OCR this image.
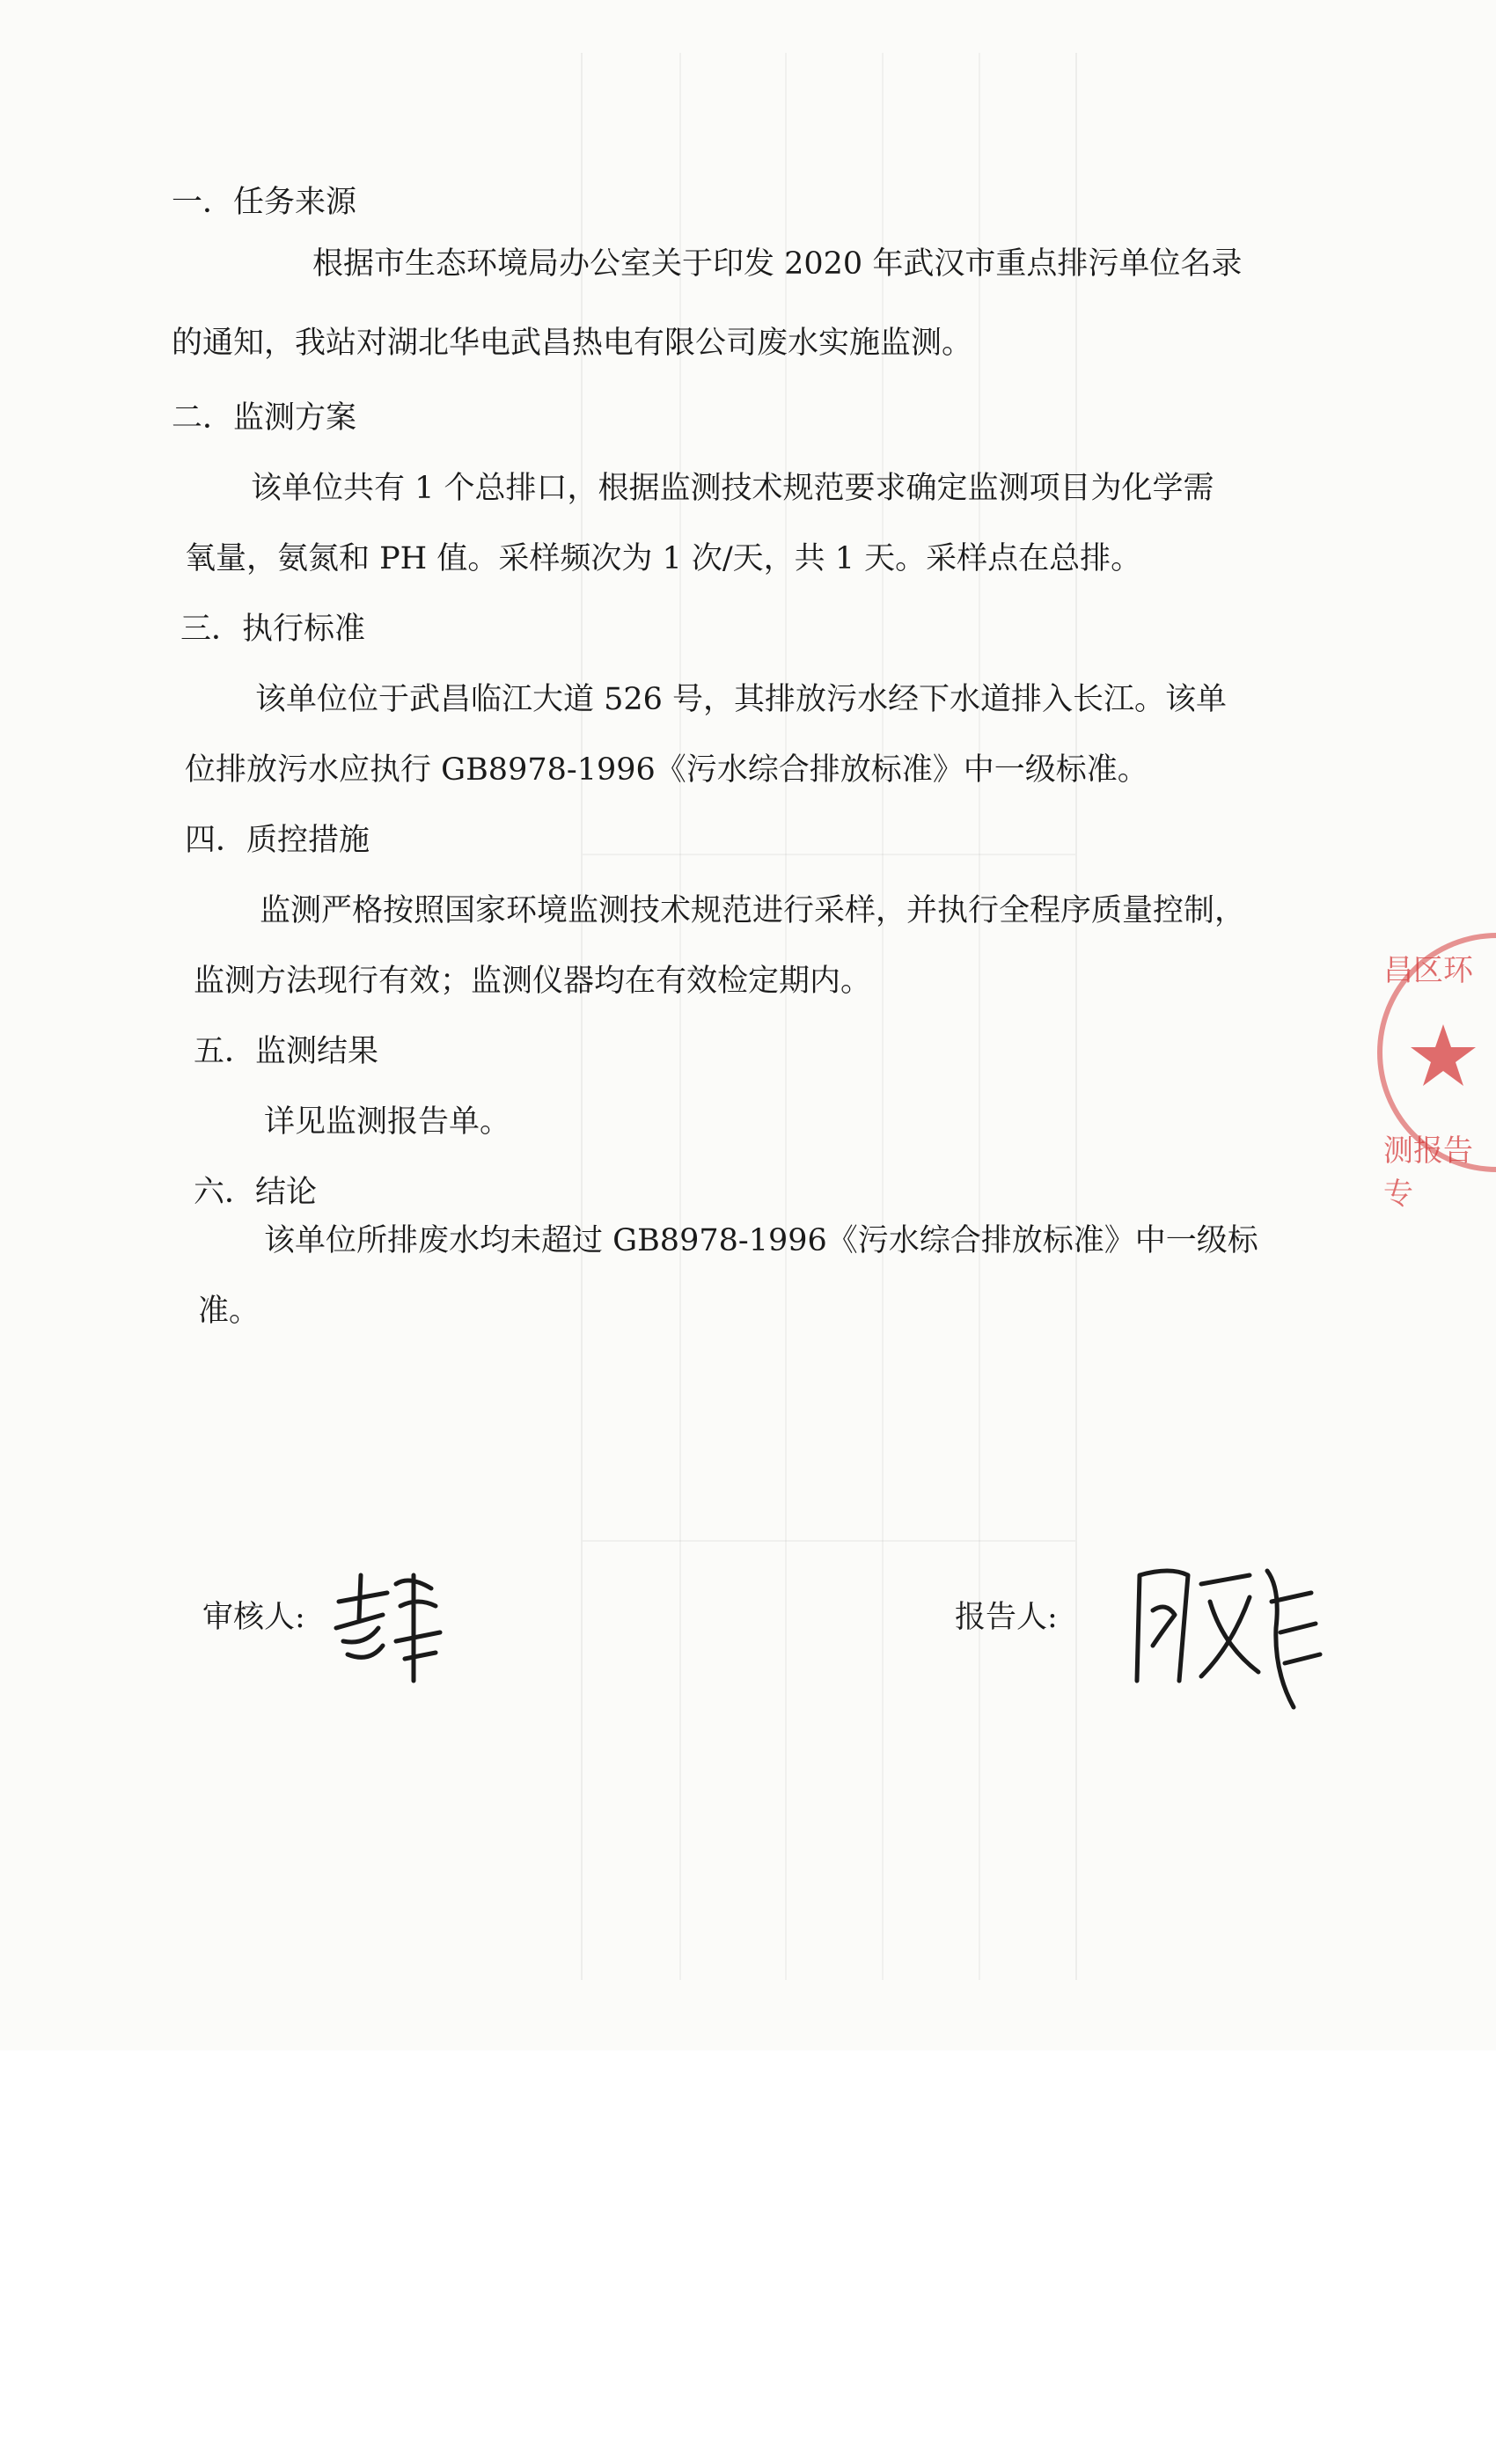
昌区环
测报告专
一．任务来源
根据市生态环境局办公室关于印发 2020 年武汉市重点排污单位名录
的通知，我站对湖北华电武昌热电有限公司废水实施监测。
二．监测方案
该单位共有 1 个总排口，根据监测技术规范要求确定监测项目为化学需
氧量，氨氮和 PH 值。采样频次为 1 次/天，共 1 天。采样点在总排。
三．执行标准
该单位位于武昌临江大道 526 号，其排放污水经下水道排入长江。该单
位排放污水应执行 GB8978-1996《污水综合排放标准》中一级标准。
四．质控措施
监测严格按照国家环境监测技术规范进行采样，并执行全程序质量控制，
监测方法现行有效；监测仪器均在有效检定期内。
五．监测结果
详见监测报告单。
六．结论
该单位所排废水均未超过 GB8978-1996《污水综合排放标准》中一级标
准。
审核人:	报告人:
